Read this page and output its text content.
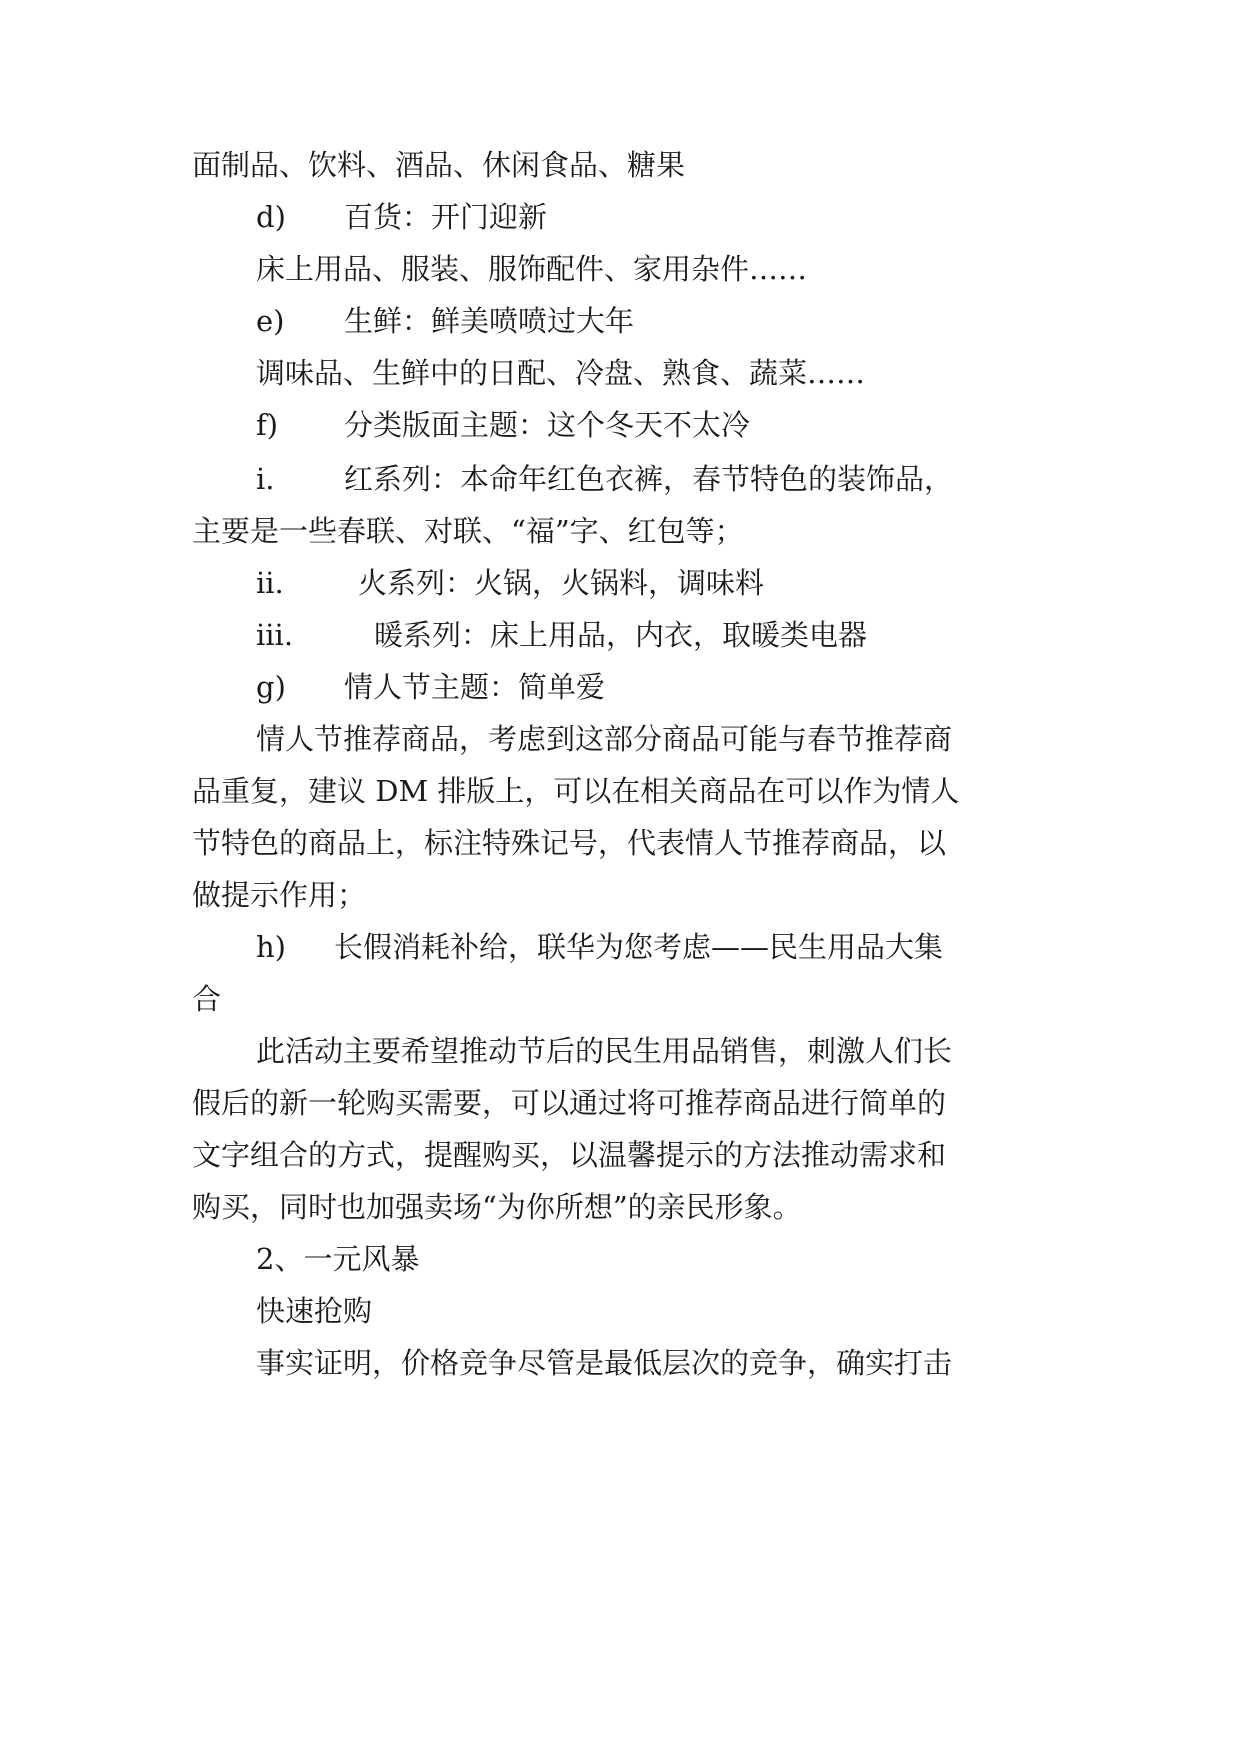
面制品、饮料、酒品、休闲食品、糖果

d) 百货：开门迎新

床上用品、服装、服饰配件、家用杂件……

e) 生鲜：鲜美喷喷过大年

调味品、生鲜中的日配、冷盘、熟食、蔬菜……

f) 分类版面主题：这个冬天不太冷

i. 红系列：本命年红色衣裤，春节特色的装饰品，

主要是一些春联、对联、“福”字、红包等；

ii.	火系列：火锅，火锅料，调味料

iii.	暖系列：床上用品，内衣，取暖类电器

g) 情人节主题：简单爱

情人节推荐商品，考虑到这部分商品可能与春节推荐商

品重复，建议 DM 排版上，可以在相关商品在可以作为情人

节特色的商品上，标注特殊记号，代表情人节推荐商品，以

做提示作用；

h) 长假消耗补给，联华为您考虑——民生用品大集

合

此活动主要希望推动节后的民生用品销售，刺激人们长

假后的新一轮购买需要，可以通过将可推荐商品进行简单的

文字组合的方式，提醒购买，以温馨提示的方法推动需求和

购买，同时也加强卖场“为你所想”的亲民形象。

2、一元风暴

快速抢购

事实证明，价格竞争尽管是最低层次的竞争，确实打击
